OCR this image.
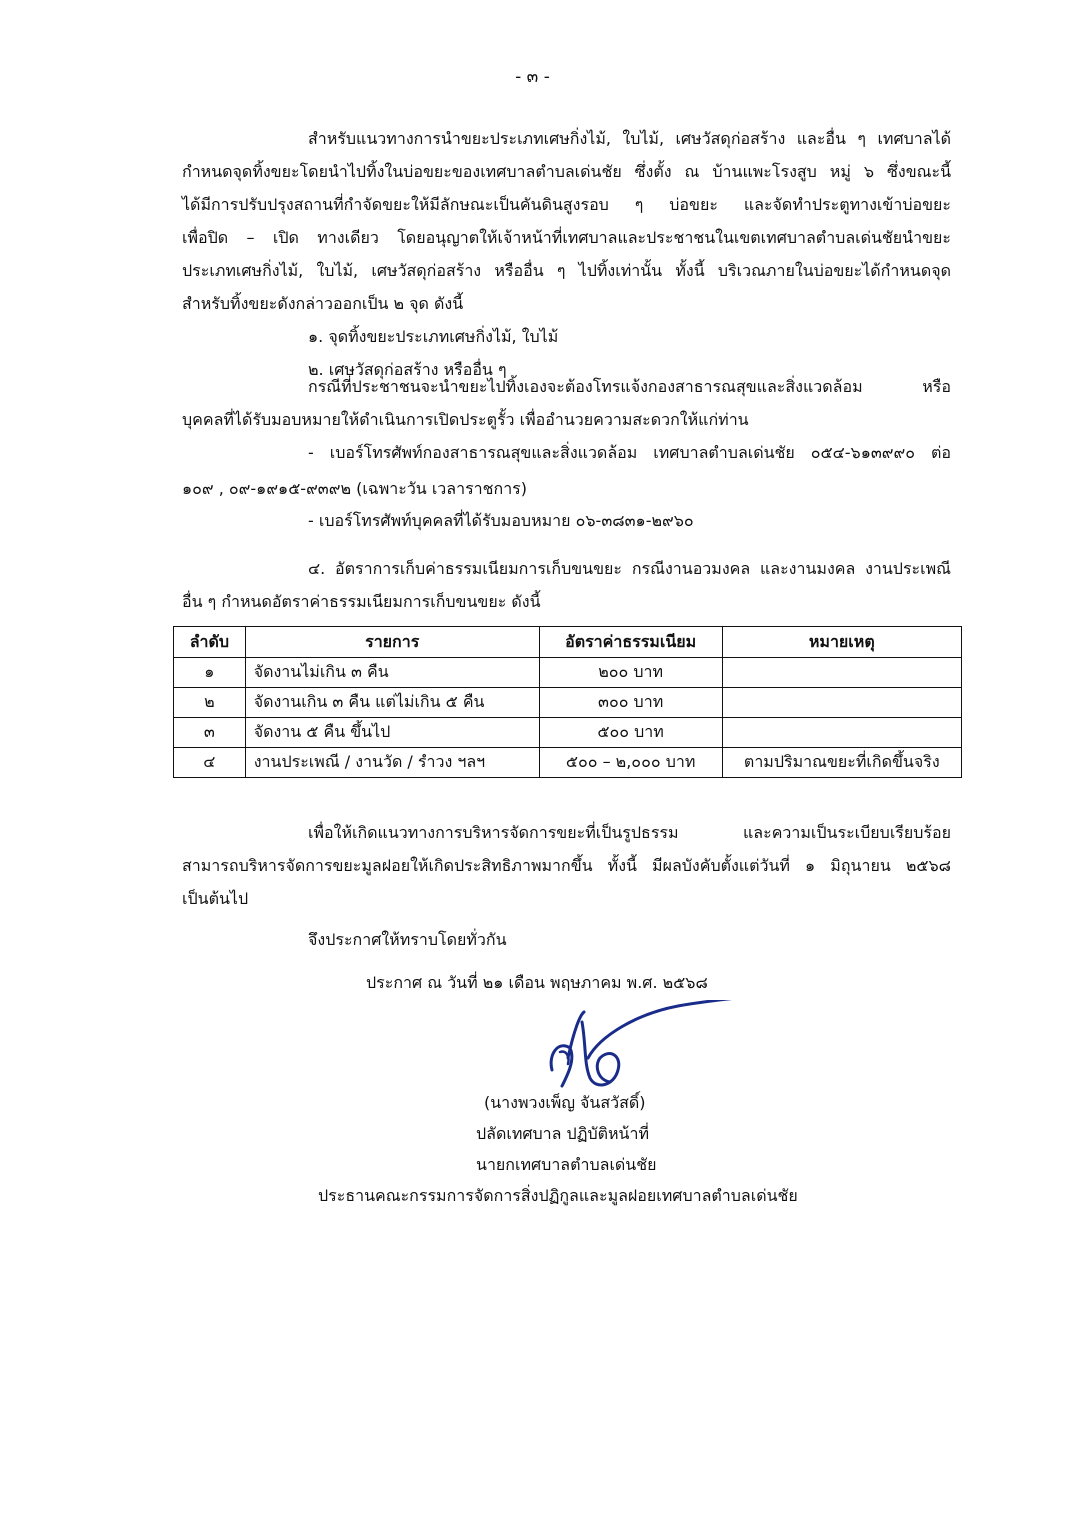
- ๓ -
สำหรับแนวทางการนำขยะประเภทเศษกิ่งไม้, ใบไม้, เศษวัสดุก่อสร้าง และอื่น ๆ เทศบาลได้
กำหนดจุดทิ้งขยะโดยนำไปทิ้งในบ่อขยะของเทศบาลตำบลเด่นชัย ซึ่งตั้ง ณ บ้านแพะโรงสูบ หมู่ ๖ ซึ่งขณะนี้
ได้มีการปรับปรุงสถานที่กำจัดขยะให้มีลักษณะเป็นคันดินสูงรอบ ๆ บ่อขยะ และจัดทำประตูทางเข้าบ่อขยะ
เพื่อปิด – เปิด ทางเดียว โดยอนุญาตให้เจ้าหน้าที่เทศบาลและประชาชนในเขตเทศบาลตำบลเด่นชัยนำขยะ
ประเภทเศษกิ่งไม้, ใบไม้, เศษวัสดุก่อสร้าง หรืออื่น ๆ ไปทิ้งเท่านั้น ทั้งนี้ บริเวณภายในบ่อขยะได้กำหนดจุด
สำหรับทิ้งขยะดังกล่าวออกเป็น ๒ จุด ดังนี้
๑. จุดทิ้งขยะประเภทเศษกิ่งไม้, ใบไม้
๒. เศษวัสดุก่อสร้าง หรืออื่น ๆ
กรณีที่ประชาชนจะนำขยะไปทิ้งเองจะต้องโทรแจ้งกองสาธารณสุขและสิ่งแวดล้อม หรือ
บุคคลที่ได้รับมอบหมายให้ดำเนินการเปิดประตูรั้ว เพื่ออำนวยความสะดวกให้แก่ท่าน
- เบอร์โทรศัพท์กองสาธารณสุขและสิ่งแวดล้อม เทศบาลตำบลเด่นชัย ๐๕๔-๖๑๓๙๙๐ ต่อ
๑๐๙ , ๐๙-๑๙๑๕-๙๓๙๒ (เฉพาะวัน เวลาราชการ)
- เบอร์โทรศัพท์บุคคลที่ได้รับมอบหมาย ๐๖-๓๘๓๑-๒๙๖๐
๔. อัตราการเก็บค่าธรรมเนียมการเก็บขนขยะ กรณีงานอวมงคล และงานมงคล งานประเพณี
อื่น ๆ กำหนดอัตราค่าธรรมเนียมการเก็บขนขยะ ดังนี้
ลำดับ	รายการ	อัตราค่าธรรมเนียม	หมายเหตุ
๑	จัดงานไม่เกิน ๓ คืน	๒๐๐ บาท	
๒	จัดงานเกิน ๓ คืน แต่ไม่เกิน ๕ คืน	๓๐๐ บาท	
๓	จัดงาน ๕ คืน ขึ้นไป	๕๐๐ บาท	
๔	งานประเพณี / งานวัด / รำวง ฯลฯ	๕๐๐ – ๒,๐๐๐ บาท	ตามปริมาณขยะที่เกิดขึ้นจริง
เพื่อให้เกิดแนวทางการบริหารจัดการขยะที่เป็นรูปธรรม และความเป็นระเบียบเรียบร้อย
สามารถบริหารจัดการขยะมูลฝอยให้เกิดประสิทธิภาพมากขึ้น ทั้งนี้ มีผลบังคับตั้งแต่วันที่ ๑ มิถุนายน ๒๕๖๘
เป็นต้นไป
จึงประกาศให้ทราบโดยทั่วกัน
ประกาศ ณ วันที่ ๒๑ เดือน พฤษภาคม พ.ศ. ๒๕๖๘
(นางพวงเพ็ญ จันสวัสดิ์)
ปลัดเทศบาล ปฏิบัติหน้าที่
นายกเทศบาลตำบลเด่นชัย
ประธานคณะกรรมการจัดการสิ่งปฏิกูลและมูลฝอยเทศบาลตำบลเด่นชัย
